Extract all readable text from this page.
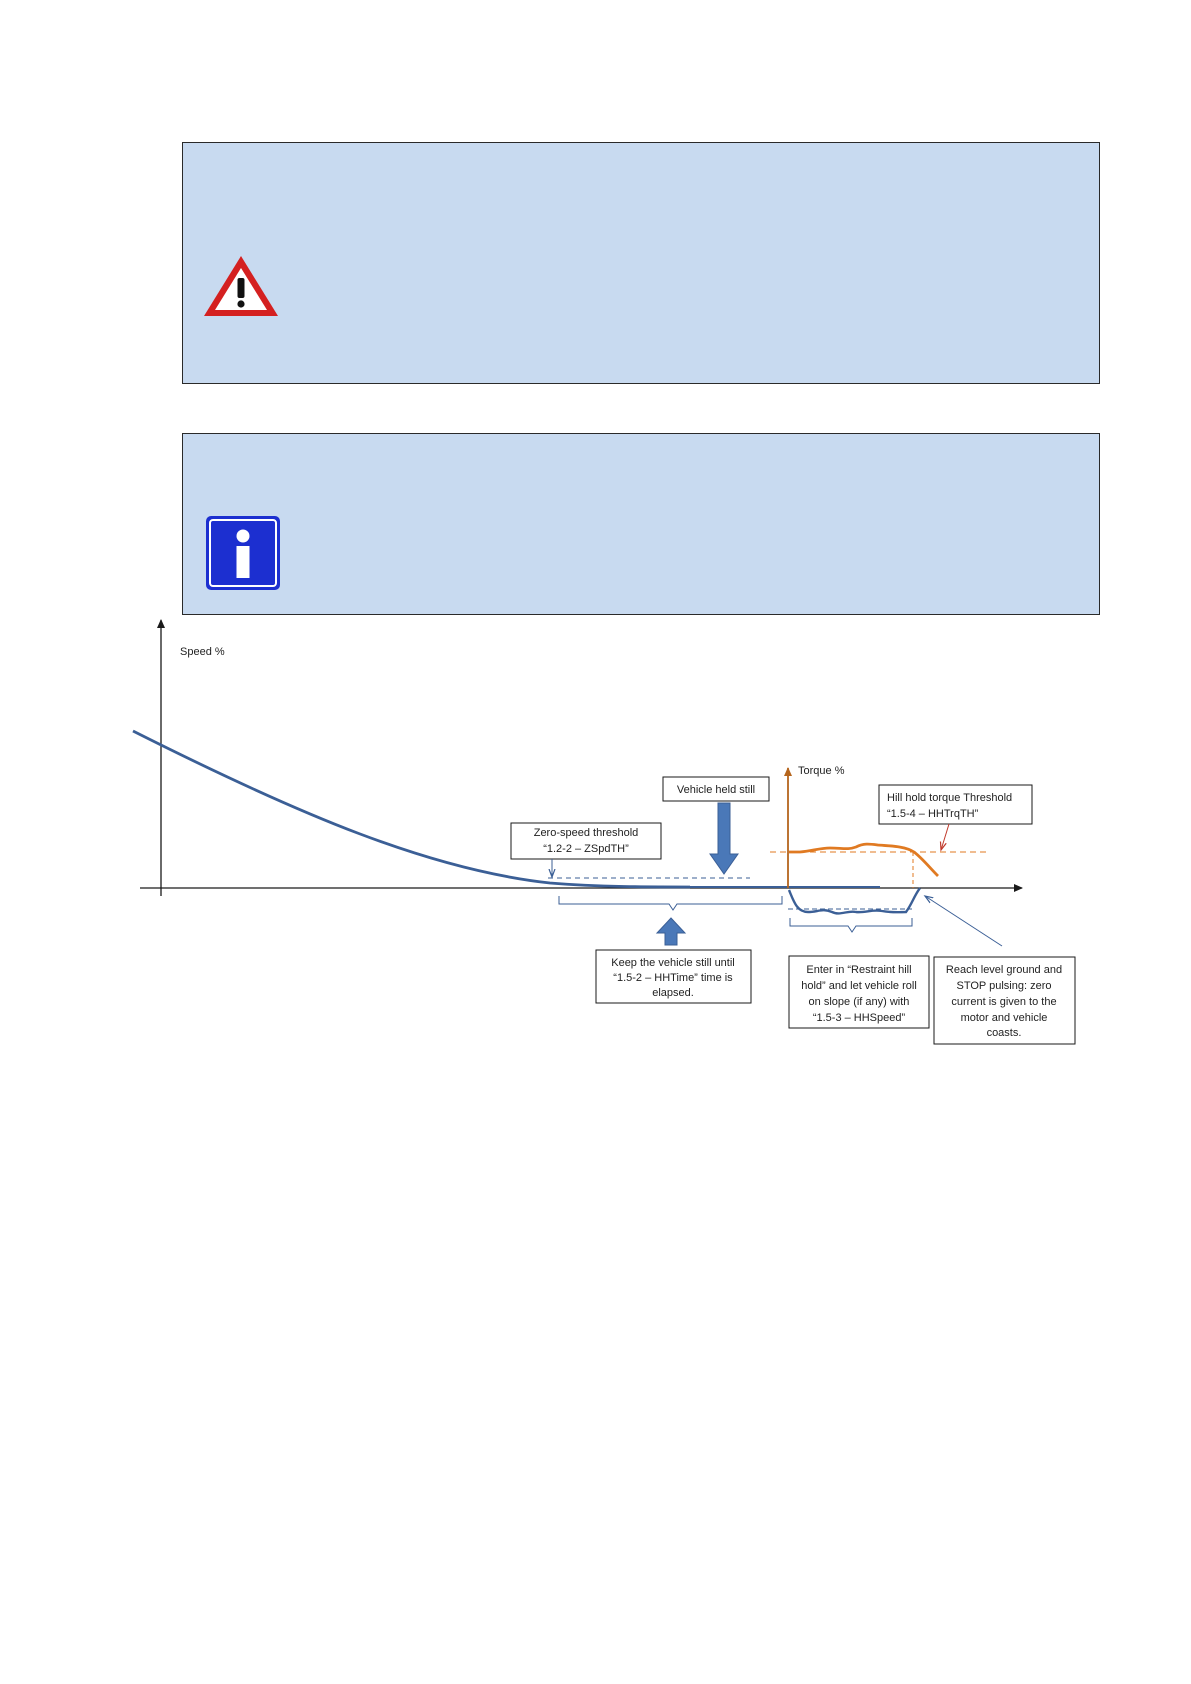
Speed %
Torque %
Vehicle held still
Zero-speed threshold
“1.2-2 – ZSpdTH”
Hill hold torque Threshold
“1.5-4 – HHTrqTH”
Keep the vehicle still until
“1.5-2 – HHTime” time is
elapsed.
Enter in “Restraint hill
hold” and let vehicle roll
on slope (if any) with
“1.5-3 – HHSpeed”
Reach level ground and
STOP pulsing: zero
current is given to the
motor and vehicle
coasts.
